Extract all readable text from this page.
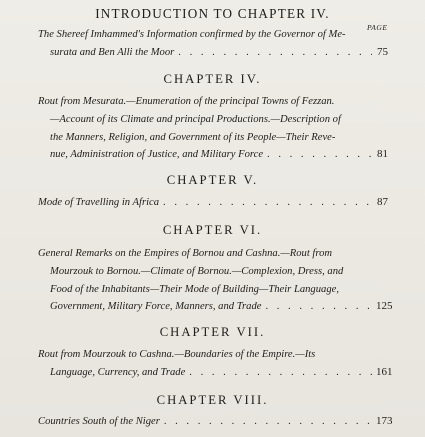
INTRODUCTION TO CHAPTER IV.
PAGE
The Shereef Imhammed's Information confirmed by the Governor of Me-
surata and Ben Alli the Moor . . .	75
CHAPTER IV.
Rout from Mesurata.—Enumeration of the principal Towns of Fezzan.
—Account of its Climate and principal Productions.—Description of
the Manners, Religion, and Government of its People—Their Reve-
nue, Administration of Justice, and Military Force . . .	81
CHAPTER V.
Mode of Travelling in Africa . . .	87
CHAPTER VI.
General Remarks on the Empires of Bornou and Cashna.—Rout from
Mourzouk to Bornou.—Climate of Bornou.—Complexion, Dress, and
Food of the Inhabitants—Their Mode of Building—Their Language,
Government, Military Force, Manners, and Trade . . .	125
CHAPTER VII.
Rout from Mourzouk to Cashna.—Boundaries of the Empire.—Its
Language, Currency, and Trade . . .	161
CHAPTER VIII.
Countries South of the Niger . . .	173
